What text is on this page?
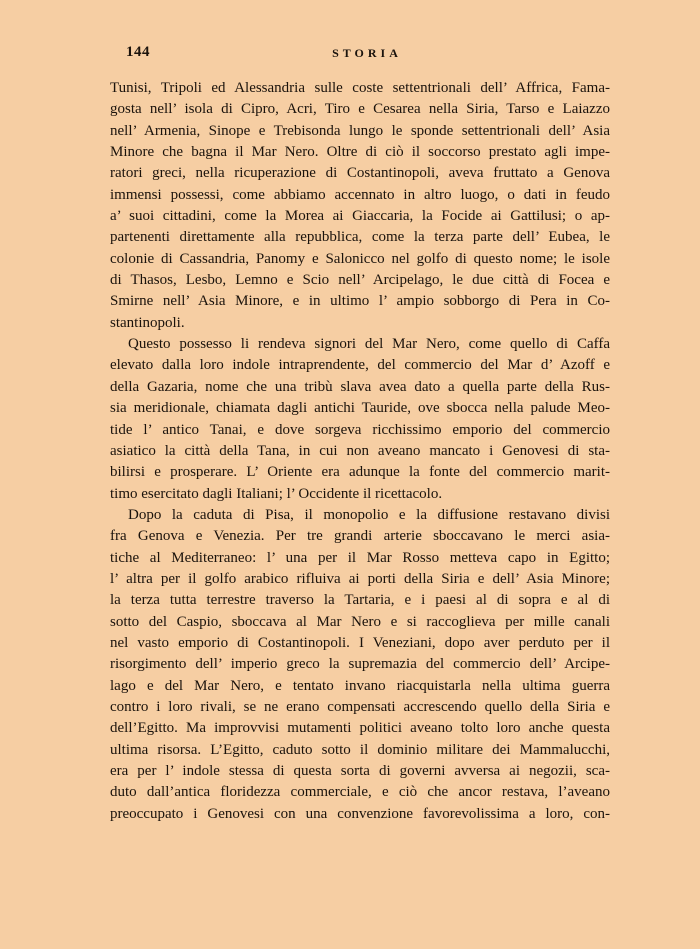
144	STORIA
Tunisi, Tripoli ed Alessandria sulle coste settentrionali dell’ Affrica, Fama-
gosta nell’ isola di Cipro, Acri, Tiro e Cesarea nella Siria, Tarso e Laiazzo
nell’ Armenia, Sinope e Trebisonda lungo le sponde settentrionali dell’ Asia
Minore che bagna il Mar Nero. Oltre di ciò il soccorso prestato agli impe-
ratori greci, nella ricuperazione di Costantinopoli, aveva fruttato a Genova
immensi possessi, come abbiamo accennato in altro luogo, o dati in feudo
a’ suoi cittadini, come la Morea ai Giaccaria, la Focide ai Gattilusi; o ap-
partenenti direttamente alla repubblica, come la terza parte dell’ Eubea, le
colonie di Cassandria, Panomy e Salonicco nel golfo di questo nome; le isole
di Thasos, Lesbo, Lemno e Scio nell’ Arcipelago, le due città di Focea e
Smirne nell’ Asia Minore, e in ultimo l’ ampio sobborgo di Pera in Co-
stantinopoli.
Questo possesso li rendeva signori del Mar Nero, come quello di Caffa
elevato dalla loro indole intraprendente, del commercio del Mar d’ Azoff e
della Gazaria, nome che una tribù slava avea dato a quella parte della Rus-
sia meridionale, chiamata dagli antichi Tauride, ove sbocca nella palude Meo-
tide l’ antico Tanai, e dove sorgeva ricchissimo emporio del commercio
asiatico la città della Tana, in cui non aveano mancato i Genovesi di sta-
bilirsi e prosperare. L’ Oriente era adunque la fonte del commercio marit-
timo esercitato dagli Italiani; l’ Occidente il ricettacolo.
Dopo la caduta di Pisa, il monopolio e la diffusione restavano divisi
fra Genova e Venezia. Per tre grandi arterie sboccavano le merci asia-
tiche al Mediterraneo: l’ una per il Mar Rosso metteva capo in Egitto;
l’ altra per il golfo arabico rifluiva ai porti della Siria e dell’ Asia Minore;
la terza tutta terrestre traverso la Tartaria, e i paesi al di sopra e al di
sotto del Caspio, sboccava al Mar Nero e si raccoglieva per mille canali
nel vasto emporio di Costantinopoli. I Veneziani, dopo aver perduto per il
risorgimento dell’ imperio greco la supremazia del commercio dell’ Arcipe-
lago e del Mar Nero, e tentato invano riacquistarla nella ultima guerra
contro i loro rivali, se ne erano compensati accrescendo quello della Siria e
dell’Egitto. Ma improvvisi mutamenti politici aveano tolto loro anche questa
ultima risorsa. L’Egitto, caduto sotto il dominio militare dei Mammalucchi,
era per l’ indole stessa di questa sorta di governi avversa ai negozii, sca-
duto dall’antica floridezza commerciale, e ciò che ancor restava, l’aveano
preoccupato i Genovesi con una convenzione favorevolissima a loro, con-
